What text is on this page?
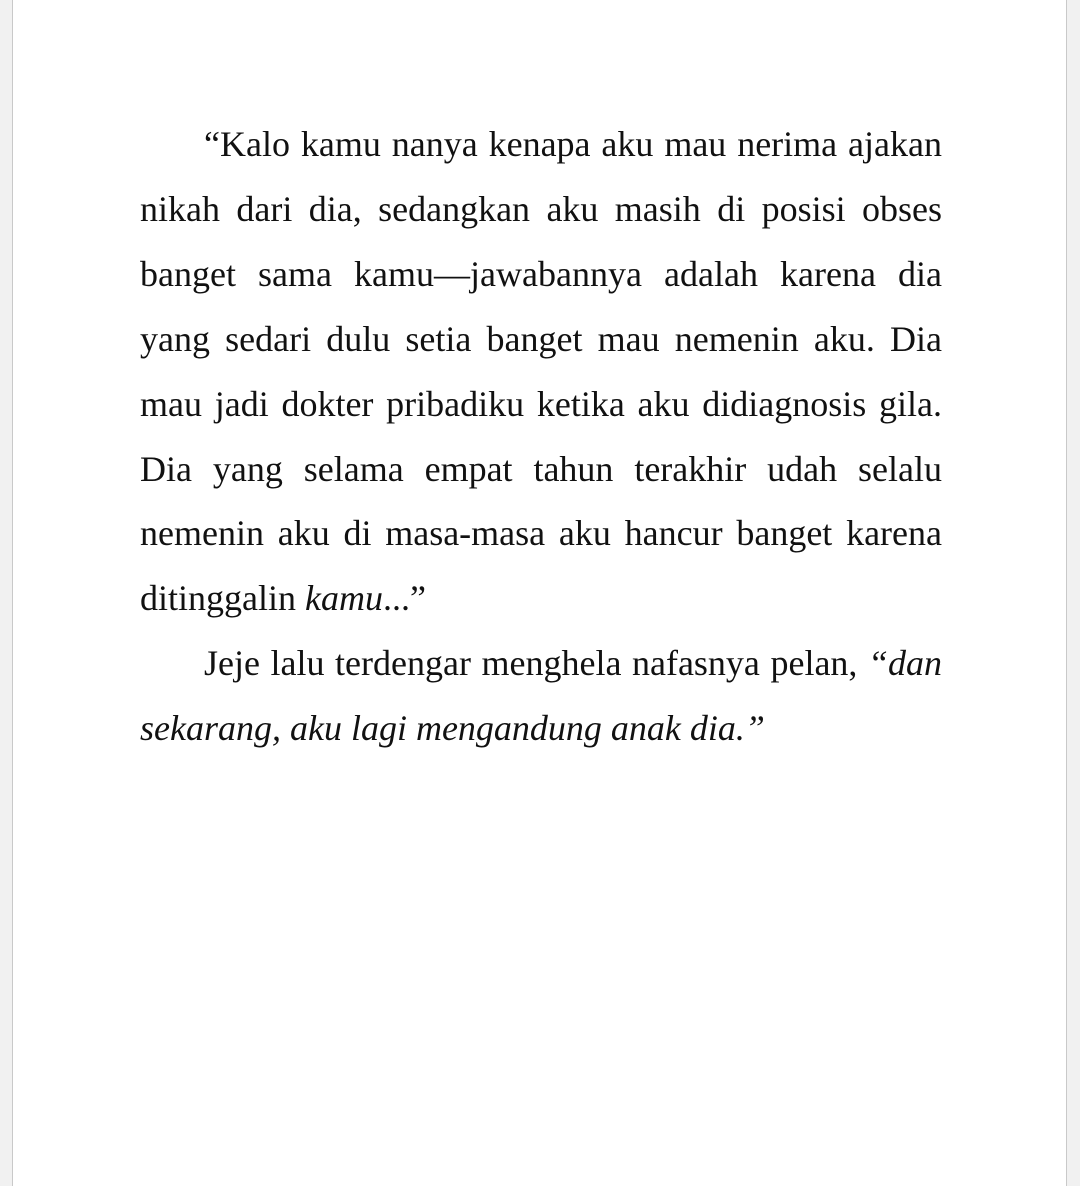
“Kalo kamu nanya kenapa aku mau nerima ajakan nikah dari dia, sedangkan aku masih di posisi obses banget sama kamu—jawabannya adalah karena dia yang sedari dulu setia banget mau nemenin aku. Dia mau jadi dokter pribadiku ketika aku didiagnosis gila. Dia yang selama empat tahun terakhir udah selalu nemenin aku di masa-masa aku hancur banget karena ditinggalin kamu...”

Jeje lalu terdengar menghela nafasnya pelan, “dan sekarang, aku lagi mengandung anak dia.”
